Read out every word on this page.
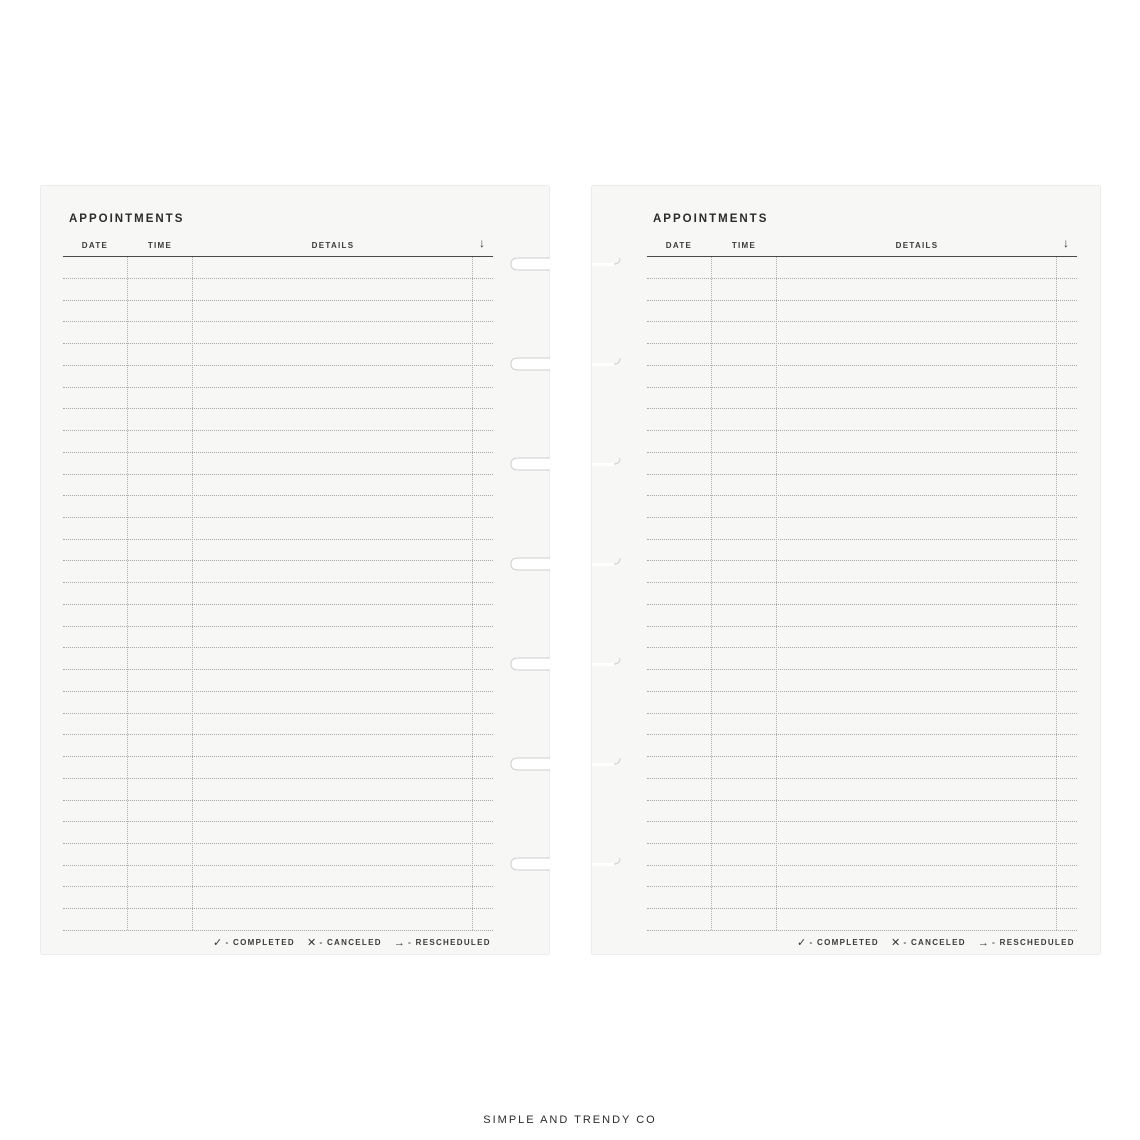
APPOINTMENTS
DATE	TIME	DETAILS	↓
✓ - COMPLETED ✕ - CANCELED → - RESCHEDULED
APPOINTMENTS
DATE	TIME	DETAILS	↓
✓ - COMPLETED ✕ - CANCELED → - RESCHEDULED
SIMPLE AND TRENDY CO
